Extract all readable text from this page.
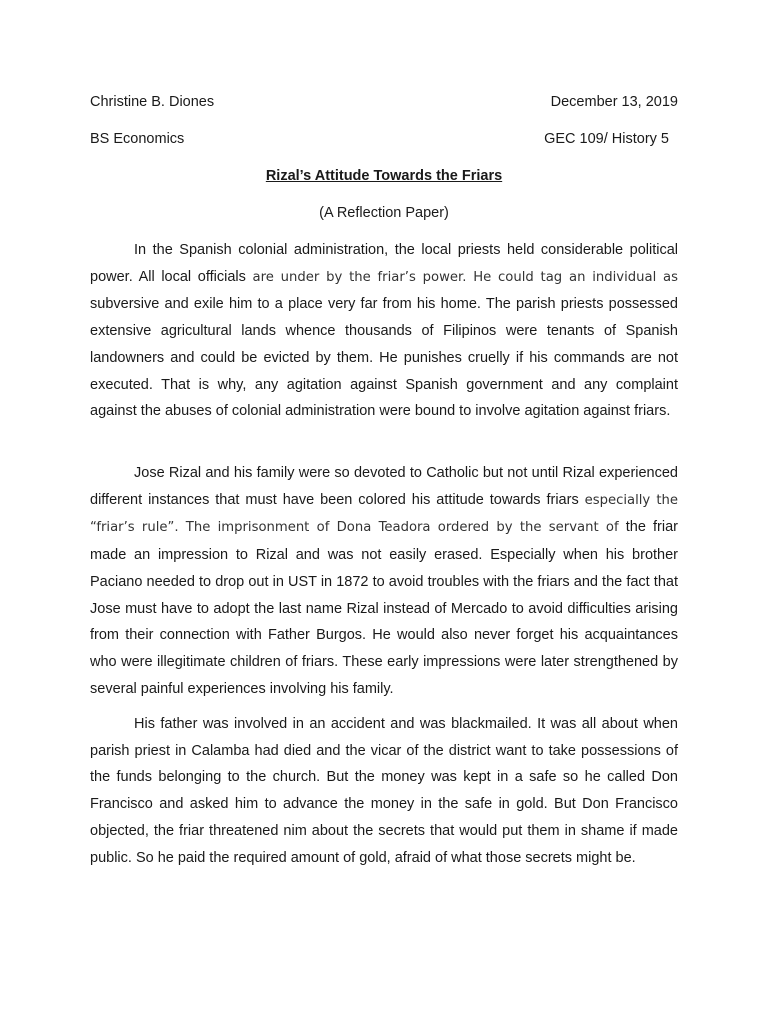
Christine B. Diones	December 13, 2019
BS Economics	GEC 109/ History 5
Rizal’s Attitude Towards the Friars
(A Reflection Paper)

In the Spanish colonial administration, the local priests held considerable political power. All local officials are under by the friar’s power. He could tag an individual as subversive and exile him to a place very far from his home. The parish priests possessed extensive agricultural lands whence thousands of Filipinos were tenants of Spanish landowners and could be evicted by them. He punishes cruelly if his commands are not executed. That is why, any agitation against Spanish government and any complaint against the abuses of colonial administration were bound to involve agitation against friars.

Jose Rizal and his family were so devoted to Catholic but not until Rizal experienced different instances that must have been colored his attitude towards friars especially the “friar’s rule”. The imprisonment of Dona Teadora ordered by the servant of the friar made an impression to Rizal and was not easily erased. Especially when his brother Paciano needed to drop out in UST in 1872 to avoid troubles with the friars and the fact that Jose must have to adopt the last name Rizal instead of Mercado to avoid difficulties arising from their connection with Father Burgos. He would also never forget his acquaintances who were illegitimate children of friars. These early impressions were later strengthened by several painful experiences involving his family.

His father was involved in an accident and was blackmailed. It was all about when parish priest in Calamba had died and the vicar of the district want to take possessions of the funds belonging to the church. But the money was kept in a safe so he called Don Francisco and asked him to advance the money in the safe in gold. But Don Francisco objected, the friar threatened nim about the secrets that would put them in shame if made public. So he paid the required amount of gold, afraid of what those secrets might be.
